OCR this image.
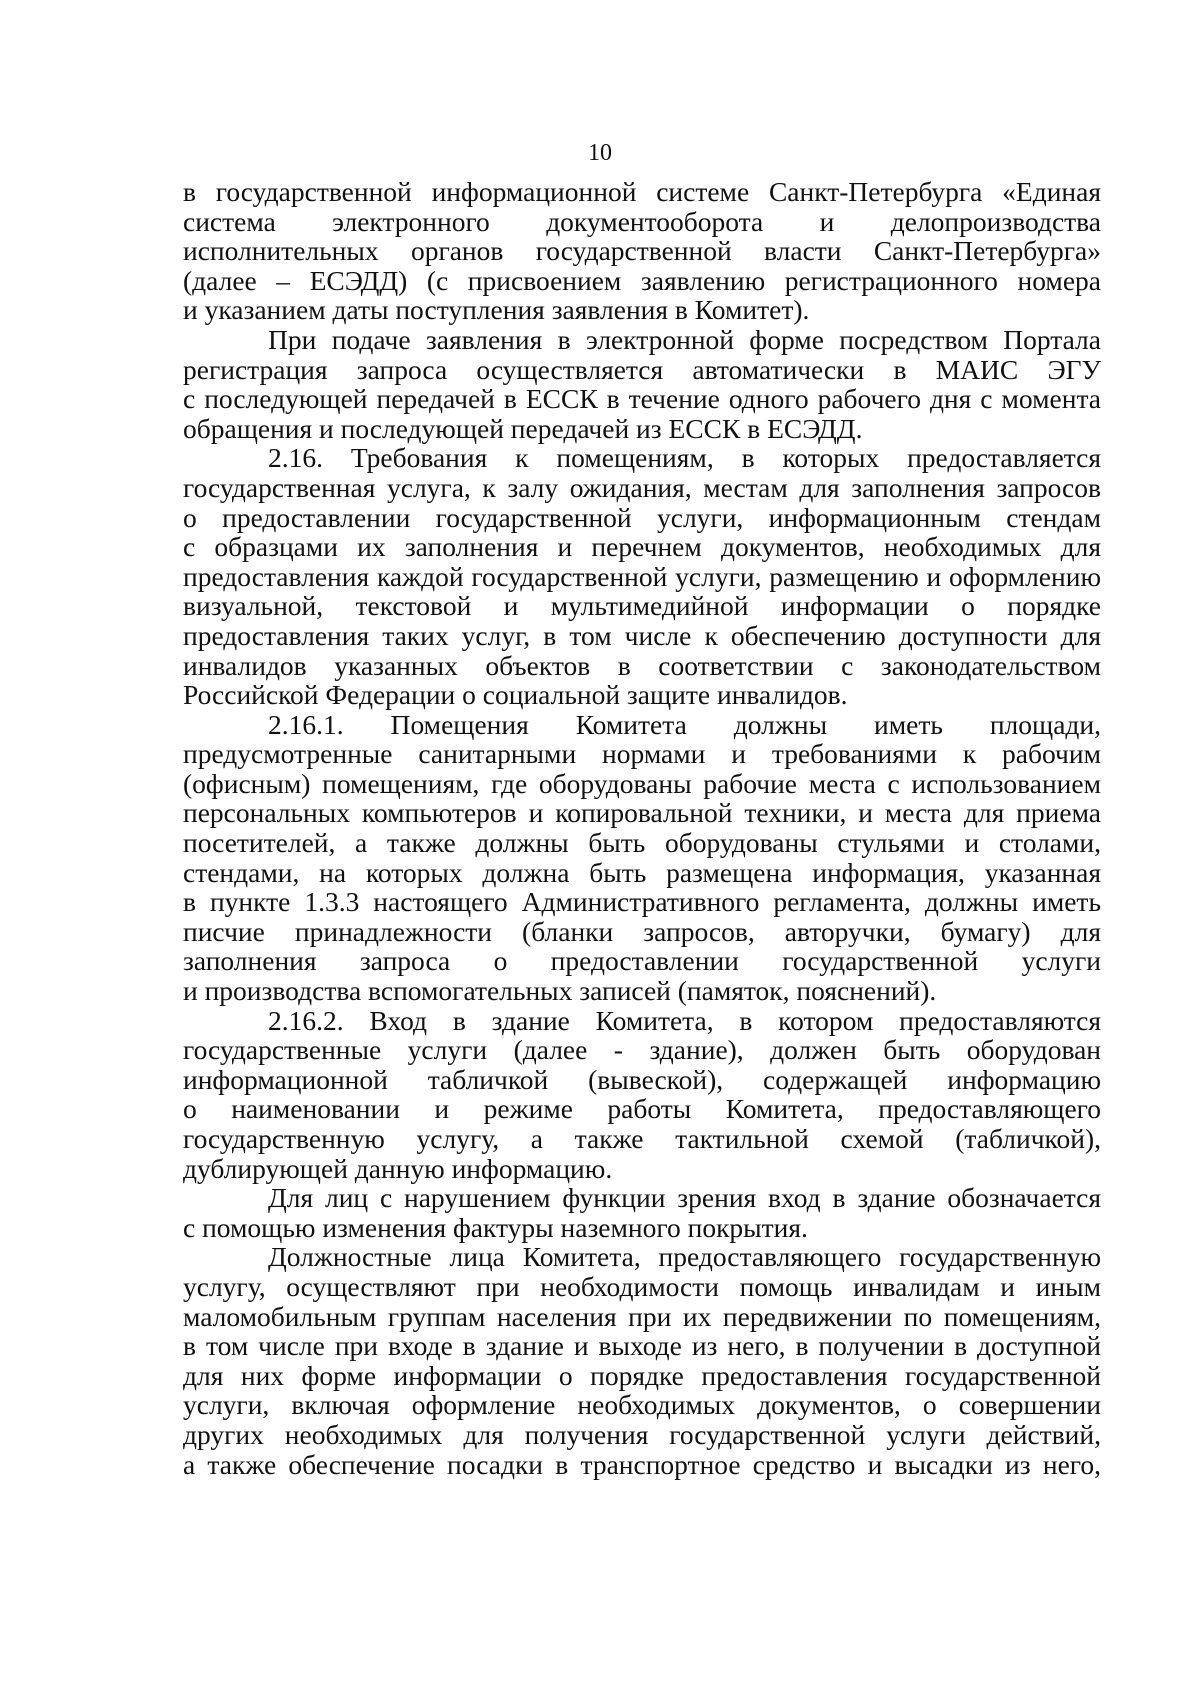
10
в государственной информационной системе Санкт-Петербурга «Единая
система электронного документооборота и делопроизводства
исполнительных органов государственной власти Санкт-Петербурга»
(далее – ЕСЭДД) (с присвоением заявлению регистрационного номера
и указанием даты поступления заявления в Комитет).
При подаче заявления в электронной форме посредством Портала
регистрация запроса осуществляется автоматически в МАИС ЭГУ
с последующей передачей в ЕССК в течение одного рабочего дня с момента
обращения и последующей передачей из ЕССК в ЕСЭДД.
2.16. Требования к помещениям, в которых предоставляется
государственная услуга, к залу ожидания, местам для заполнения запросов
о предоставлении государственной услуги, информационным стендам
с образцами их заполнения и перечнем документов, необходимых для
предоставления каждой государственной услуги, размещению и оформлению
визуальной, текстовой и мультимедийной информации о порядке
предоставления таких услуг, в том числе к обеспечению доступности для
инвалидов указанных объектов в соответствии с законодательством
Российской Федерации о социальной защите инвалидов.
2.16.1. Помещения Комитета должны иметь площади,
предусмотренные санитарными нормами и требованиями к рабочим
(офисным) помещениям, где оборудованы рабочие места с использованием
персональных компьютеров и копировальной техники, и места для приема
посетителей, а также должны быть оборудованы стульями и столами,
стендами, на которых должна быть размещена информация, указанная
в пункте 1.3.3 настоящего Административного регламента, должны иметь
писчие принадлежности (бланки запросов, авторучки, бумагу) для
заполнения запроса о предоставлении государственной услуги
и производства вспомогательных записей (памяток, пояснений).
2.16.2. Вход в здание Комитета, в котором предоставляются
государственные услуги (далее - здание), должен быть оборудован
информационной табличкой (вывеской), содержащей информацию
о наименовании и режиме работы Комитета, предоставляющего
государственную услугу, а также тактильной схемой (табличкой),
дублирующей данную информацию.
Для лиц с нарушением функции зрения вход в здание обозначается
с помощью изменения фактуры наземного покрытия.
Должностные лица Комитета, предоставляющего государственную
услугу, осуществляют при необходимости помощь инвалидам и иным
маломобильным группам населения при их передвижении по помещениям,
в том числе при входе в здание и выходе из него, в получении в доступной
для них форме информации о порядке предоставления государственной
услуги, включая оформление необходимых документов, о совершении
других необходимых для получения государственной услуги действий,
а также обеспечение посадки в транспортное средство и высадки из него,
